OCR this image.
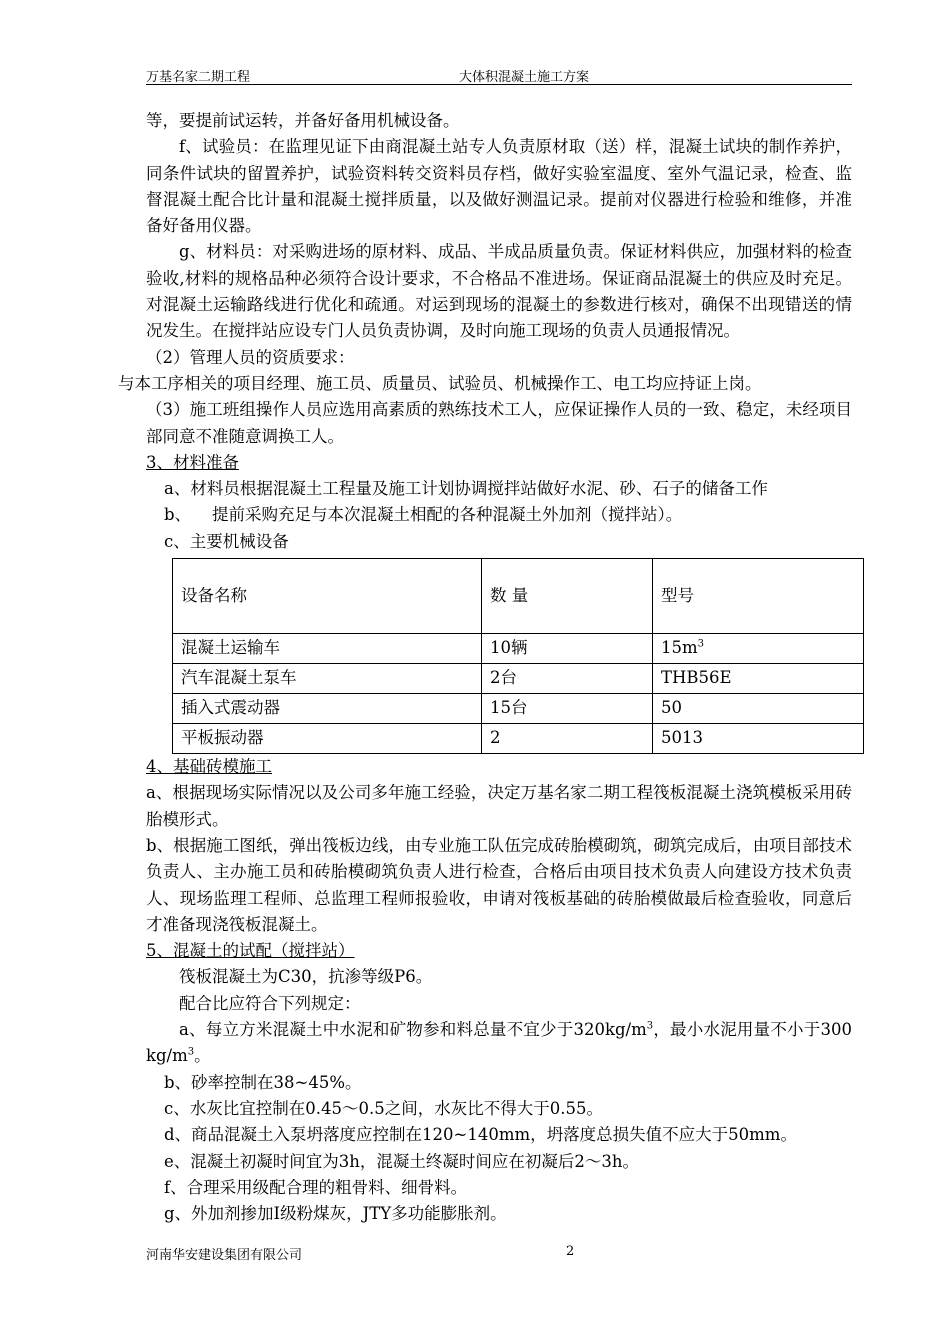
万基名家二期工程	大体积混凝土施工方案

等，要提前试运转，并备好备用机械设备。

f、试验员：在监理见证下由商混凝土站专人负责原材取（送）样，混凝土试块的制作养护，同条件试块的留置养护，试验资料转交资料员存档，做好实验室温度、室外气温记录，检查、监督混凝土配合比计量和混凝土搅拌质量，以及做好测温记录。提前对仪器进行检验和维修，并准备好备用仪器。

g、材料员：对采购进场的原材料、成品、半成品质量负责。保证材料供应，加强材料的检查验收,材料的规格品种必须符合设计要求，不合格品不准进场。保证商品混凝土的供应及时充足。对混凝土运输路线进行优化和疏通。对运到现场的混凝土的参数进行核对，确保不出现错送的情况发生。在搅拌站应设专门人员负责协调，及时向施工现场的负责人员通报情况。

（2）管理人员的资质要求：

与本工序相关的项目经理、施工员、质量员、试验员、机械操作工、电工均应持证上岗。

（3）施工班组操作人员应选用高素质的熟练技术工人，应保证操作人员的一致、稳定，未经项目部同意不准随意调换工人。

3、材料准备

a、材料员根据混凝土工程量及施工计划协调搅拌站做好水泥、砂、石子的储备工作

b、    提前采购充足与本次混凝土相配的各种混凝土外加剂（搅拌站）。

c、主要机械设备

设备名称	数 量	型号
混凝土运输车	10辆	$15m^3$
汽车混凝土泵车	2台	THB56E
插入式震动器	15台	50
平板振动器	2	5013

4、基础砖模施工

a、根据现场实际情况以及公司多年施工经验，决定万基名家二期工程筏板混凝土浇筑模板采用砖胎模形式。

b、根据施工图纸，弹出筏板边线，由专业施工队伍完成砖胎模砌筑，砌筑完成后，由项目部技术负责人、主办施工员和砖胎模砌筑负责人进行检查，合格后由项目技术负责人向建设方技术负责人、现场监理工程师、总监理工程师报验收，申请对筏板基础的砖胎模做最后检查验收，同意后才准备现浇筏板混凝土。

5、混凝土的试配（搅拌站）

筏板混凝土为C30，抗渗等级P6。

配合比应符合下列规定：

a、每立方米混凝土中水泥和矿物参和料总量不宜少于$320kg/m^3$，最小水泥用量不小于300 $kg/m^3$。

b、砂率控制在38~45%。

c、水灰比宜控制在0.45～0.5之间，水灰比不得大于0.55。

d、商品混凝土入泵坍落度应控制在120~140mm，坍落度总损失值不应大于50mm。

e、混凝土初凝时间宜为3h，混凝土终凝时间应在初凝后2～3h。

f、合理采用级配合理的粗骨料、细骨料。

g、外加剂掺加Ⅰ级粉煤灰，JTY多功能膨胀剂。

河南华安建设集团有限公司	2
